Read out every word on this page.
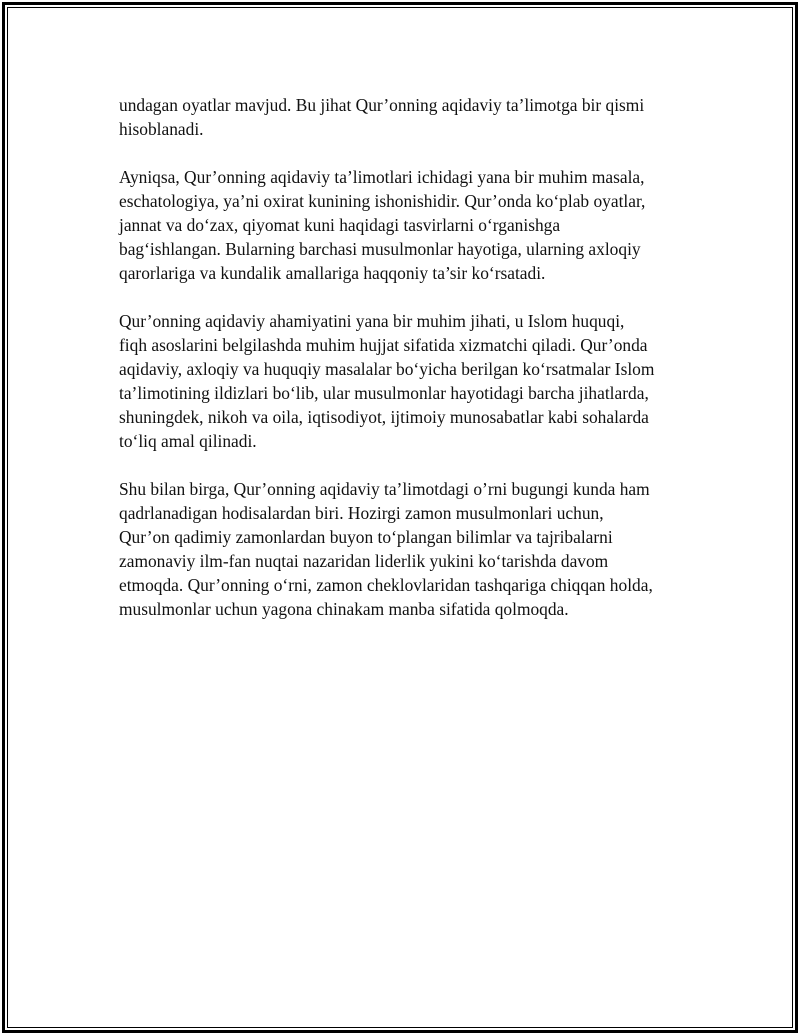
undagan oyatlar mavjud. Bu jihat Qur’onning aqidaviy ta’limotga bir qismi
hisoblanadi.

Ayniqsa, Qur’onning aqidaviy ta’limotlari ichidagi yana bir muhim masala,
eschatologiya, ya’ni oxirat kunining ishonishidir. Qur’onda ko‘plab oyatlar,
jannat va do‘zax, qiyomat kuni haqidagi tasvirlarni o‘rganishga
bag‘ishlangan. Bularning barchasi musulmonlar hayotiga, ularning axloqiy
qarorlariga va kundalik amallariga haqqoniy ta’sir ko‘rsatadi.

Qur’onning aqidaviy ahamiyatini yana bir muhim jihati, u Islom huquqi,
fiqh asoslarini belgilashda muhim hujjat sifatida xizmatchi qiladi. Qur’onda
aqidaviy, axloqiy va huquqiy masalalar bo‘yicha berilgan ko‘rsatmalar Islom
ta’limotining ildizlari bo‘lib, ular musulmonlar hayotidagi barcha jihatlarda,
shuningdek, nikoh va oila, iqtisodiyot, ijtimoiy munosabatlar kabi sohalarda
to‘liq amal qilinadi.

Shu bilan birga, Qur’onning aqidaviy ta’limotdagi o’rni bugungi kunda ham
qadrlanadigan hodisalardan biri. Hozirgi zamon musulmonlari uchun,
Qur’on qadimiy zamonlardan buyon to‘plangan bilimlar va tajribalarni
zamonaviy ilm-fan nuqtai nazaridan liderlik yukini ko‘tarishda davom
etmoqda. Qur’onning o‘rni, zamon cheklovlaridan tashqariga chiqqan holda,
musulmonlar uchun yagona chinakam manba sifatida qolmoqda.
